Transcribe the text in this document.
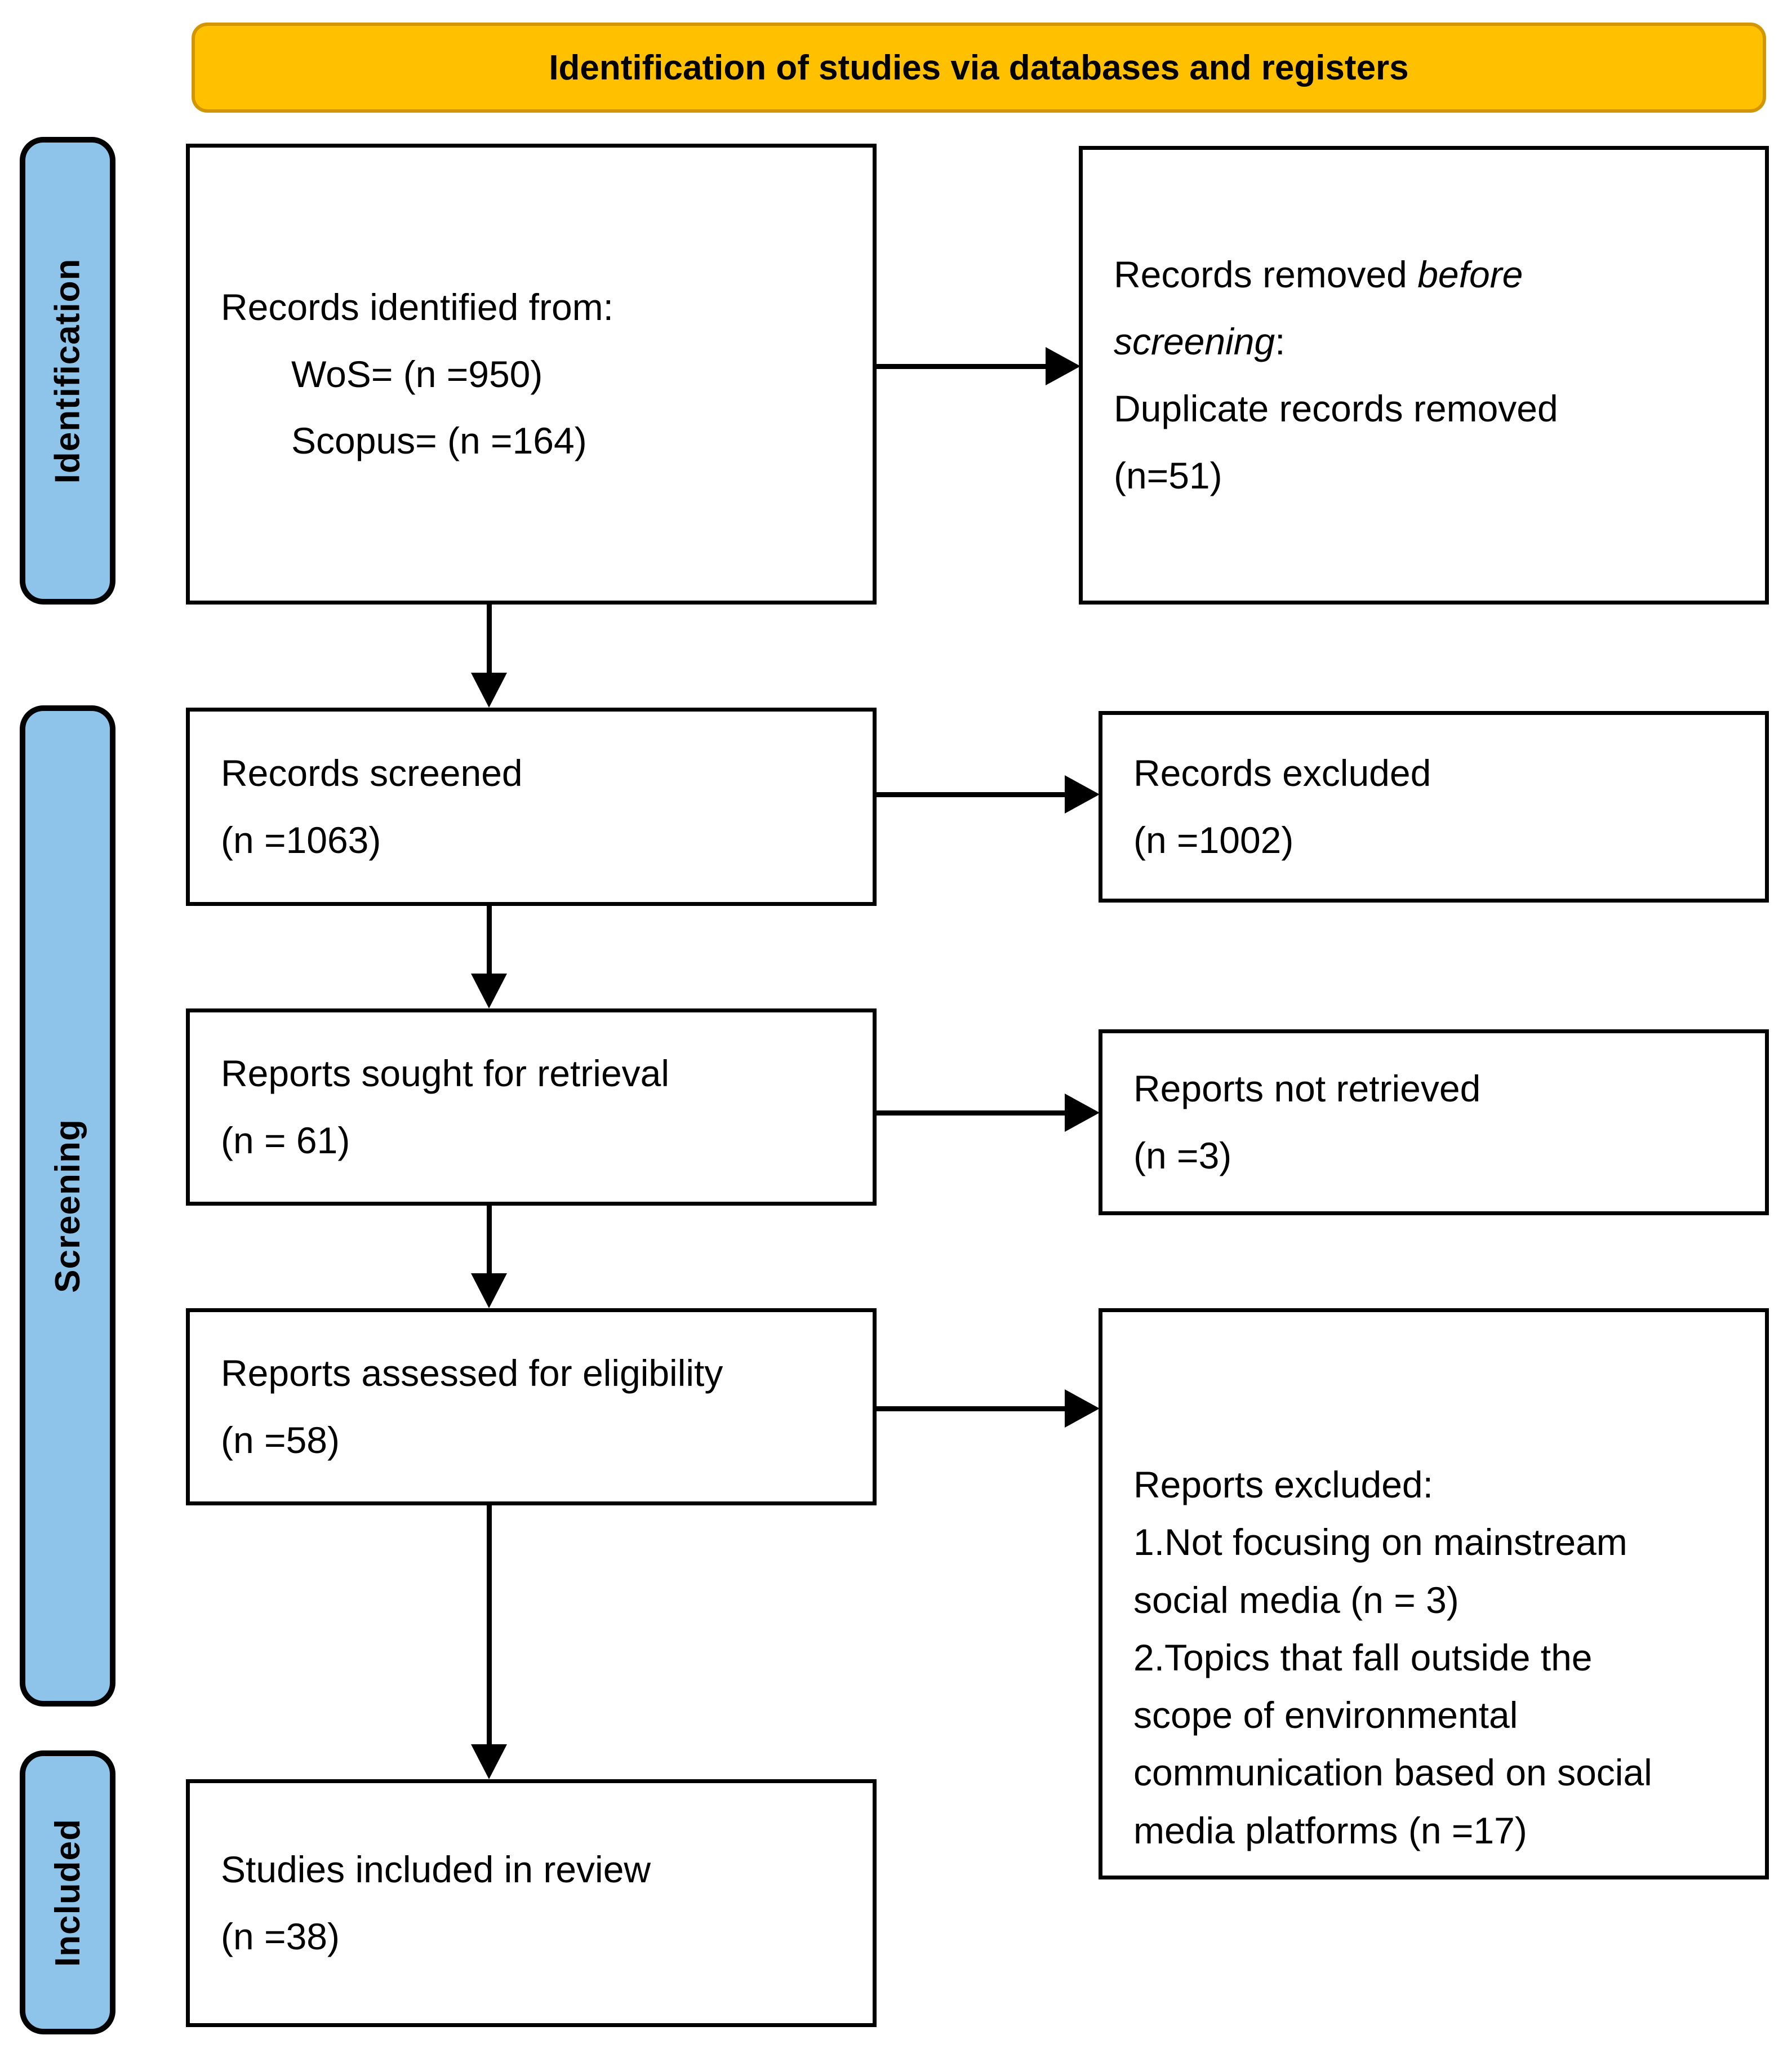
Identification of studies via databases and registers
Identification
Screening
Included
Records identified from:
WoS= (n =950)
Scopus= (n =164)
Records screened
(n =1063)
Reports sought for retrieval
(n = 61)
Reports assessed for eligibility
(n =58)
Studies included in review
(n =38)
Records removed before
screening:
Duplicate records removed
(n=51)
Records excluded
(n =1002)
Reports not retrieved
(n =3)
Reports excluded:
1.Not focusing on mainstream
social media (n = 3)
2.Topics that fall outside the
scope of environmental
communication based on social
media platforms (n =17)
